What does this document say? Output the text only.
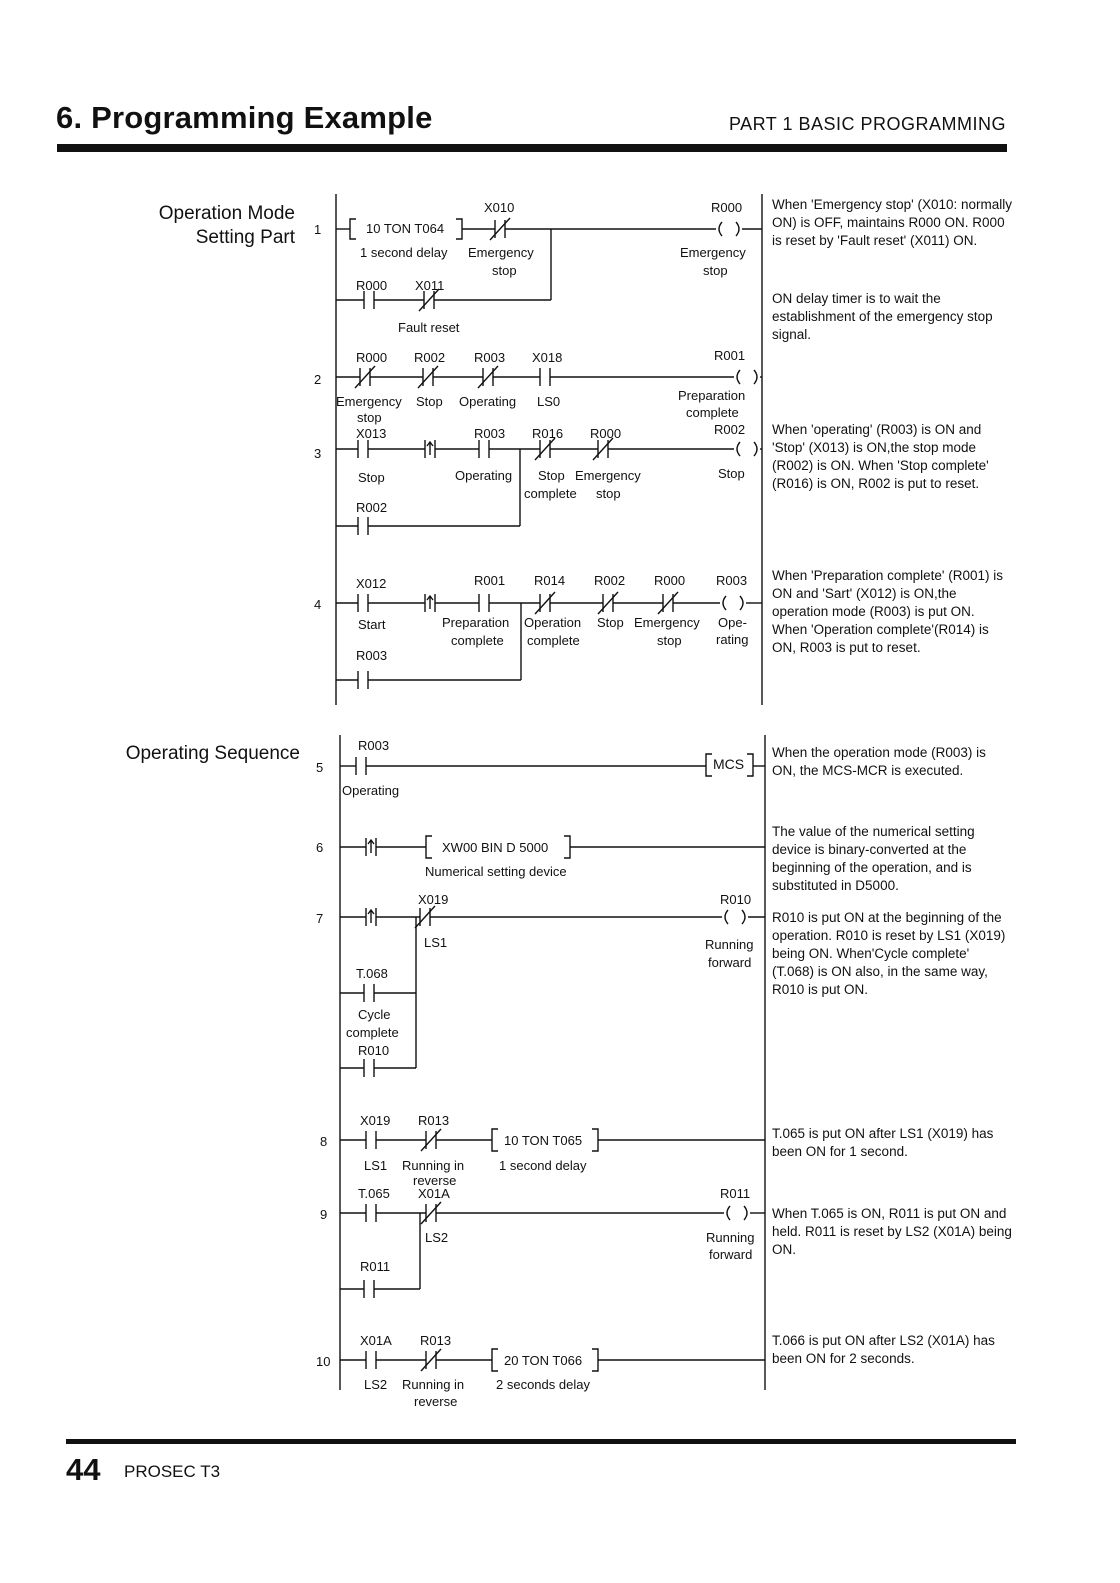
6. Programming Example	PART 1 BASIC PROGRAMMING
Operation Mode
Setting Part
Operating Sequence
1	10 TON T064
1 second delay
X010
Emergency
stop
R000
Emergency
stop
R000 X011
Fault reset
When 'Emergency stop' (X010: normally ON) is OFF, maintains R000 ON. R000 is reset by 'Fault reset' (X011) ON.
ON delay timer is to wait the establishment of the emergency stop signal.
2
R000 R002 R003 X018
Emergency
stop
Stop Operating LS0
R001
Preparation
complete
3
X013
Stop
R003
Operating
R016 R000
Stop
complete
Emergency
stop
R002
Stop
R002
When 'operating' (R003) is ON and 'Stop' (X013) is ON,the stop mode (R002) is ON. When 'Stop complete' (R016) is ON, R002 is put to reset.
4
X012
Start
R001
Preparation
complete
R014
Operation
complete
R002
Stop
R000
Emergency
stop
R003
Ope-
rating
R003
When 'Preparation complete' (R001) is ON and 'Sart' (X012) is ON,the operation mode (R003) is put ON. When 'Operation complete'(R014) is ON, R003 is put to reset.
5
R003
Operating
MCS
When the operation mode (R003) is ON, the MCS-MCR is executed.
6	XW00 BIN D 5000
Numerical setting device
The value of the numerical setting device is binary-converted at the beginning of the operation, and is substituted in D5000.
7
X019
LS1
R010
Running
forward
T.068
Cycle
complete
R010
R010 is put ON at the beginning of the operation. R010 is reset by LS1 (X019) being ON. When'Cycle complete' (T.068) is ON also, in the same way, R010 is put ON.
8
X019
LS1
R013
Running in
reverse
10 TON T065
1 second delay
T.065 is put ON after LS1 (X019) has been ON for 1 second.
9
T.065 X01A
LS2
R011
Running
forward
R011
When T.065 is ON, R011 is put ON and held. R011 is reset by LS2 (X01A) being ON.
10
X01A
LS2
R013
Running in
reverse
20 TON T066
2 seconds delay
T.066 is put ON after LS2 (X01A) has been ON for 2 seconds.
44 PROSEC T3
